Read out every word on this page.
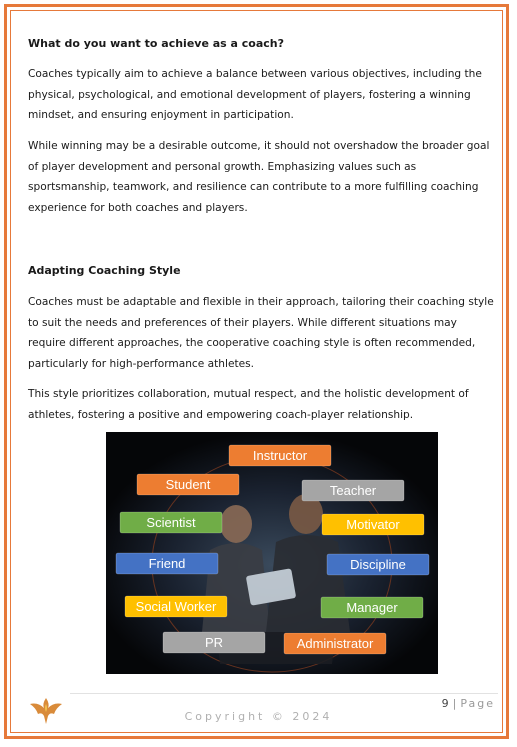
What do you want to achieve as a coach?

Coaches typically aim to achieve a balance between various objectives, including the physical, psychological, and emotional development of players, fostering a winning mindset, and ensuring enjoyment in participation.

While winning may be a desirable outcome, it should not overshadow the broader goal of player development and personal growth. Emphasizing values such as sportsmanship, teamwork, and resilience can contribute to a more fulfilling coaching experience for both coaches and players.

Adapting Coaching Style

Coaches must be adaptable and flexible in their approach, tailoring their coaching style to suit the needs and preferences of their players. While different situations may require different approaches, the cooperative coaching style is often recommended, particularly for high-performance athletes.

This style prioritizes collaboration, mutual respect, and the holistic development of athletes, fostering a positive and empowering coach-player relationship.

Instructor
Student	Teacher
Scientist	Motivator
Friend	Discipline
Social Worker	Manager
PR	Administrator
9 | Page
Copyright © 2024
